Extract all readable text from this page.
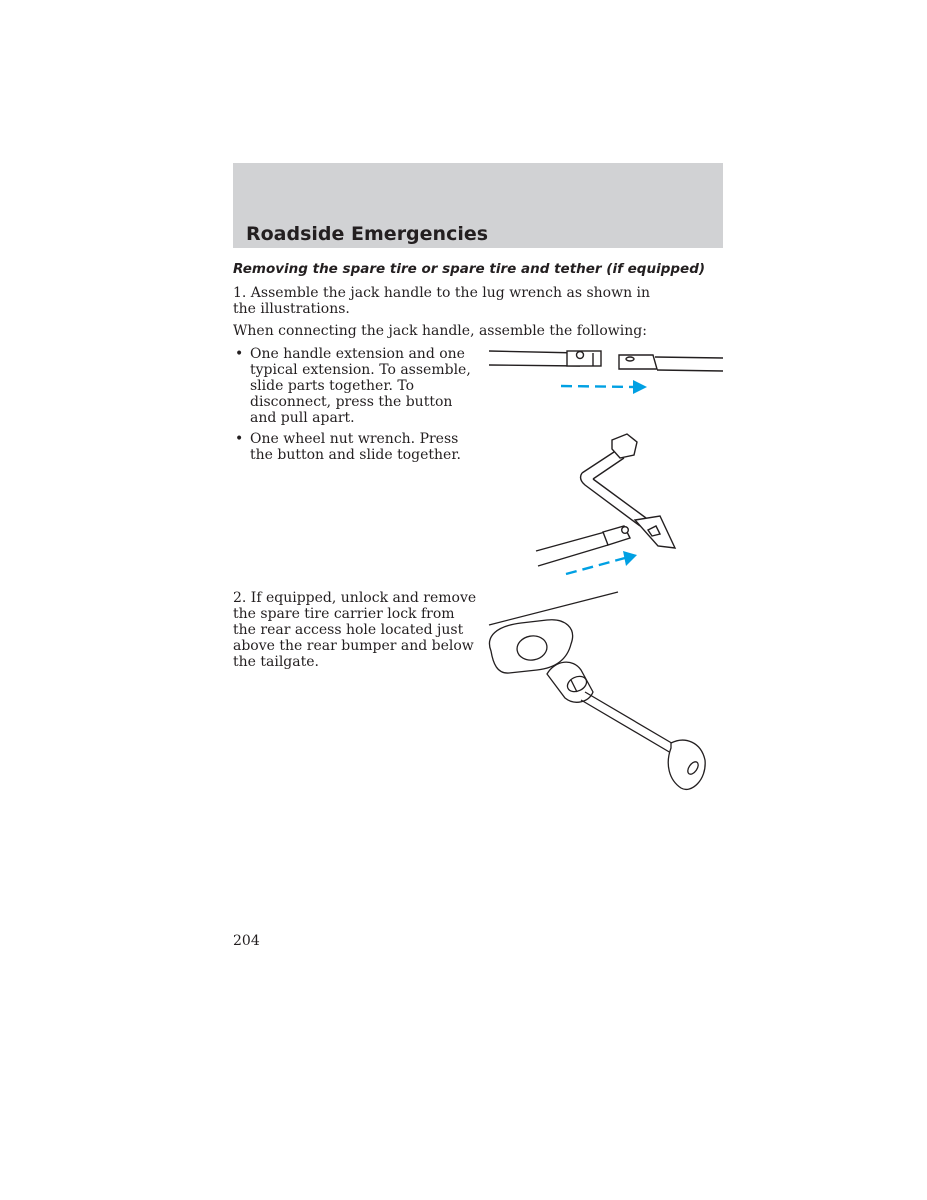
Roadside Emergencies
Removing the spare tire or spare tire and tether (if equipped)

1. Assemble the jack handle to the lug wrench as shown in the illustrations.

When connecting the jack handle, assemble the following:

• One handle extension and one typical extension. To assemble, slide parts together. To disconnect, press the button and pull apart.
• One wheel nut wrench. Press the button and slide together.

2. If equipped, unlock and remove the spare tire carrier lock from the rear access hole located just above the rear bumper and below the tailgate.

204
